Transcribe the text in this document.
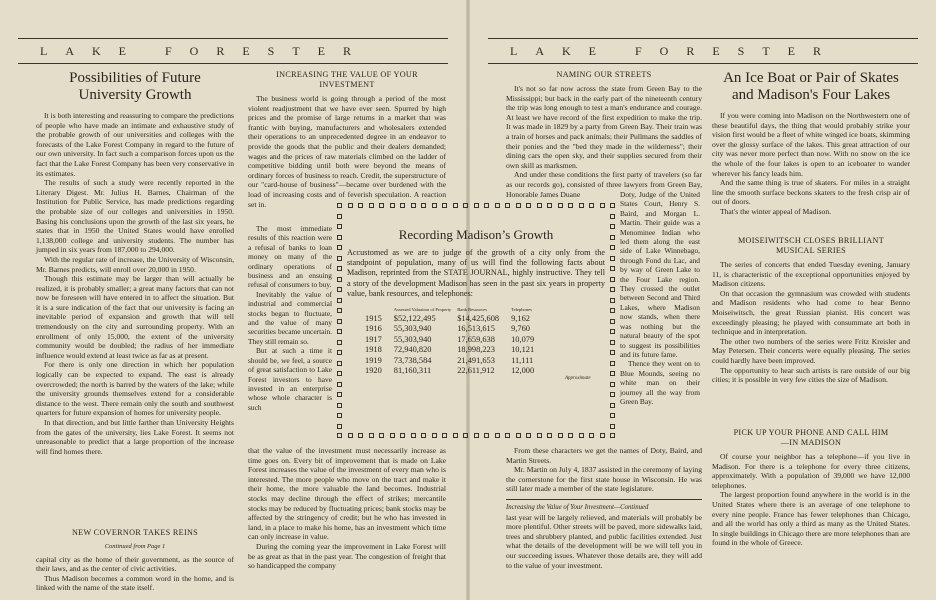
LAKE FORESTER	LAKE FORESTER
Possibilities of Future
University Growth

It is both interesting and reassuring to compare the predictions of people who have made an intimate and exhaustive study of the probable growth of our universities and colleges with the forecasts of the Lake Forest Company in regard to the future of our own university. In fact such a comparison forces upon us the fact that the Lake Forest Company has been very conservative in its estimates.

The results of such a study were recently reported in the Literary Digest. Mr. Julius H. Barnes, Chairman of the Institution for Public Service, has made predictions regarding the probable size of our colleges and universities in 1950. Basing his conclusions upon the growth of the last six years, he states that in 1950 the United States would have enrolled 1,138,000 college and university students. The number has jumped in six years from 187,000 to 294,000.

With the regular rate of increase, the University of Wisconsin, Mr. Barnes predicts, will enroll over 20,000 in 1950.

Though this estimate may be larger than will actually be realized, it is probably smaller; a great many factors that can not now be foreseen will have entered in to affect the situation. But it is a sure indication of the fact that our university is facing an inevitable period of expansion and growth that will tell tremendously on the city and surrounding property. With an enrollment of only 15,000, the extent of the university community would be doubled; the radius of her immediate influence would extend at least twice as far as at present.

For there is only one direction in which her population logically can be expected to expand. The east is already overcrowded; the north is barred by the waters of the lake; while the university grounds themselves extend for a considerable distance to the west. There remain only the south and southwest quarters for future expansion of homes for university people.

In that direction, and but little farther than University Heights from the gates of the university, lies Lake Forest. It seems not unreasonable to predict that a large proportion of the increase will find homes there.

NEW COVERNOR TAKES REINS
Continued from Page 1

capital city as the home of their government, as the source of their laws, and as the center of civic activities.

Thus Madison becomes a common word in the home, and is linked with the name of the state itself.

INCREASING THE VALUE OF YOUR
INVESTMENT

The business world is going through a period of the most violent readjustment that we have ever seen. Spurred by high prices and the promise of large returns in a market that was frantic with buying, manufacturers and wholesalers extended their operations to an unprecedented degree in an endeavor to provide the goods that the public and their dealers demanded; wages and the prices of raw materials climbed on the ladder of competitive bidding until both were beyond the means of ordinary forces of business to reach. Credit, the superstructure of our "card-house of business"—became over burdened with the load of increasing costs and of feverish speculation. A reaction set in.

The most immediate results of this reaction were a refusal of banks to loan money on many of the ordinary operations of business and an ensuing refusal of consumers to buy.

Inevitably the value of industrial and commercial stocks began to fluctuate, and the value of many securities became uncertain. They still remain so.

But at such a time it should be, we feel, a source of great satisfaction to Lake Forest investors to have invested in an enterprise whose whole character is such

that the value of the investment must necessarily increase as time goes on. Every bit of improvement that is made on Lake Forest increases the value of the investment of every man who is interested. The more people who move on the tract and make it their home, the more valuable the land becomes. Industrial stocks may decline through the effect of strikes; mercantile stocks may be reduced by fluctuating prices; bank stocks may be affected by the stringency of credit; but he who has invested in land, in a place to make his home, has an investment which time can only increase in value.

During the coming year the improvement in Lake Forest will be as great as that in the past year. The congestion of freight that so handicapped the company

Recording Madison’s Growth

Accustomed as we are to judge of the growth of a city only from the standpoint of population, many of us will find the following facts about Madison, reprinted from the STATE JOURNAL, highly instructive. They tell a story of the development Madison has seen in the past six years in property value, bank resources, and telephones:

	Assessed Valuation of Property	Bank Resources	Telephones
1915	$52,122,495	$14,425,608	9,162
1916	55,303,940	16,513,615	9,760
1917	55,303,940	17,659,638	10,079
1918	72,940,820	18,998,223	10,121
1919	73,738,584	21,491,653	11,111
1920	81,160,311	22,611,912	12,000
Approximate
NAMING OUR STREETS

It's not so far now across the state from Green Bay to the Mississippi; but back in the early part of the nineteenth century the trip was long enough to test a man's endurance and courage. At least we have record of the first expedition to make the trip. It was made in 1829 by a party from Green Bay. Their train was a train of horses and pack animals; their Pullmans the saddles of their ponies and the "bed they made in the wilderness"; their dining cars the open sky, and their supplies secured from their own skill as marksmen.

And under these conditions the first party of travelers (so far as our records go), consisted of three lawyers from Green Bay, Honorable James Duane	Doty, Judge of the United States Court, Henry S. Baird, and Morgan L. Martin. Their guide was a Menominee Indian who led them along the east side of Lake Winnebago, through Fond du Lac, and by way of Green Lake to the Four Lake region. They crossed the outlet between Second and Third Lakes, where Madison now stands, when there was nothing but the natural beauty of the spot to suggest its possibilities and its future fame.

Thence they went on to Blue Mounds, seeing no white man on their journey all the way from Green Bay.

From these characters we get the names of Doty, Baird, and Martin Streets.

Mr. Martin on July 4, 1837 assisted in the ceremony of laying the cornerstone for the first state house in Wisconsin. He was still later made a member of the state legislature.

Increasing the Value of Your Investment—Continued

last year will be largely relieved, and materials will probably be more plentiful. Other streets will be paved, more sidewalks laid, trees and shrubbery planted, and public facilities extended. Just what the details of the development will be we will tell you in our succeeding issues. Whatever those details are, they will add to the value of your investment.

An Ice Boat or Pair of Skates
and Madison's Four Lakes

If you were coming into Madison on the Northwestern one of these beautiful days, the thing that would probably strike your vision first would be a fleet of white winged ice boats, skimming over the glossy surface of the lakes. This great attraction of our city was never more perfect than now. With no snow on the ice the whole of the four lakes is open to an iceboater to wander wherever his fancy leads him.

And the same thing is true of skaters. For miles in a straight line the smooth surface beckons skaters to the fresh crisp air of out of doors.

That's the winter appeal of Madison.

MOISEIWITSCH CLOSES BRILLIANT
MUSICAL SERIES

The series of concerts that ended Tuesday evening, January 11, is characteristic of the exceptional opportunities enjoyed by Madison citizens.

On that occasion the gymnasium was crowded with students and Madison residents who had come to hear Benno Moiseiwitsch, the great Russian pianist. His concert was exceedingly pleasing; he played with consummate art both in technique and in interpretation.

The other two numbers of the series were Fritz Kreisler and May Petersen. Their concerts were equally pleasing. The series could hardly have been improved.

The opportunity to hear such artists is rare outside of our big cities; it is possible in very few cities the size of Madison.

PICK UP YOUR PHONE AND CALL HIM
—IN MADISON

Of course your neighbor has a telephone—if you live in Madison. For there is a telephone for every three citizens, approximately. With a population of 39,000 we have 12,000 telephones.

The largest proportion found anywhere in the world is in the United States where there is an average of one telephone to every nine people. France has fewer telephones than Chicago, and all the world has only a third as many as the United States. In single buildings in Chicago there are more telephones than are found in the whole of Greece.
